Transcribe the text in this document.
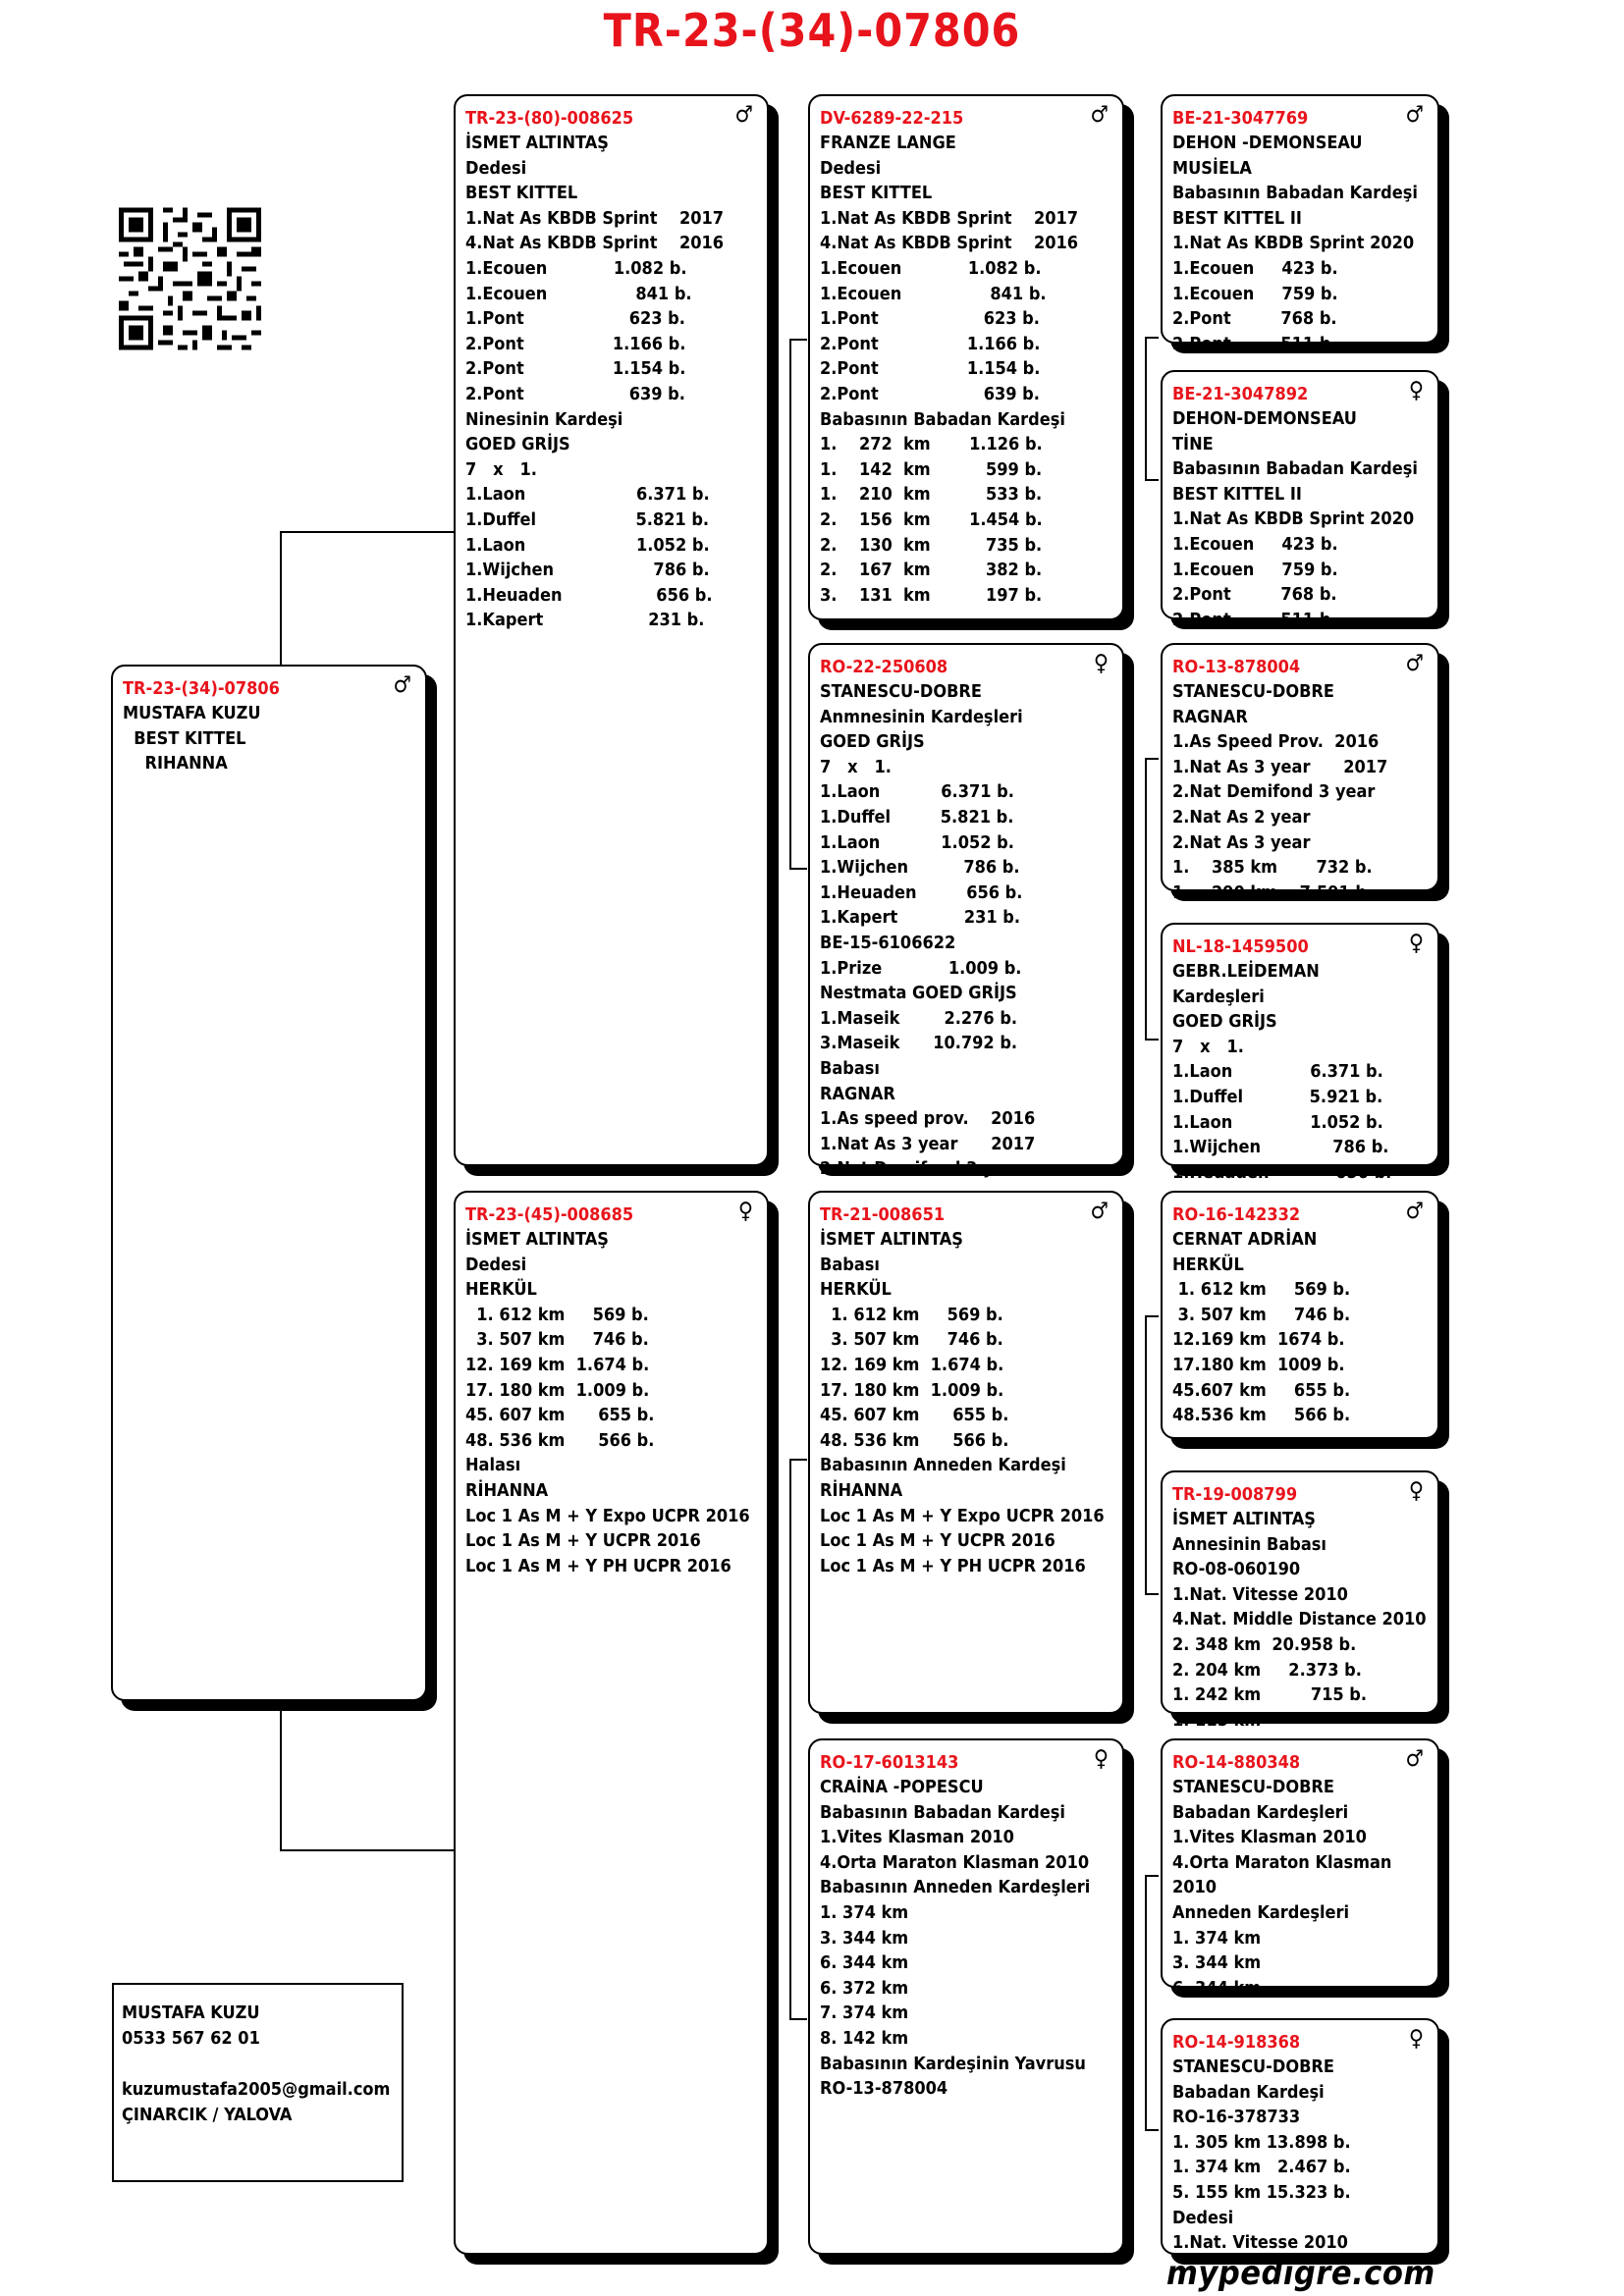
TR-23-(34)-07806
TR-23-(34)-07806	♂
MUSTAFA KUZU
BEST KITTEL
RIHANNA
TR-23-(80)-008625	♂
İSMET ALTINTAŞ
Dedesi
BEST KITTEL
1.Nat As KBDB Sprint    2017
4.Nat As KBDB Sprint    2016
1.Ecouen            1.082 b.
1.Ecouen                841 b.
1.Pont                   623 b.
2.Pont                1.166 b.
2.Pont                1.154 b.
2.Pont                   639 b.
Ninesinin Kardeşi
GOED GRİJS
7   x   1.
1.Laon                    6.371 b.
1.Duffel                  5.821 b.
1.Laon                    1.052 b.
1.Wijchen                  786 b.
1.Heuaden                 656 b.
1.Kapert                   231 b.
TR-23-(45)-008685	♀
İSMET ALTINTAŞ
Dedesi
HERKÜL
1. 612 km     569 b.
3. 507 km     746 b.
12. 169 km  1.674 b.
17. 180 km  1.009 b.
45. 607 km      655 b.
48. 536 km      566 b.
Halası
RİHANNA
Loc 1 As M + Y Expo UCPR 2016
Loc 1 As M + Y UCPR 2016
Loc 1 As M + Y PH UCPR 2016
DV-6289-22-215	♂
FRANZE LANGE
Dedesi
BEST KITTEL
1.Nat As KBDB Sprint    2017
4.Nat As KBDB Sprint    2016
1.Ecouen            1.082 b.
1.Ecouen                841 b.
1.Pont                   623 b.
2.Pont                1.166 b.
2.Pont                1.154 b.
2.Pont                   639 b.
Babasının Babadan Kardeşi
1.    272  km       1.126 b.
1.    142  km          599 b.
1.    210  km          533 b.
2.    156  km       1.454 b.
2.    130  km          735 b.
2.    167  km          382 b.
3.    131  km          197 b.
RO-22-250608	♀
STANESCU-DOBRE
Anmnesinin Kardeşleri
GOED GRİJS
7   x   1.
1.Laon           6.371 b.
1.Duffel         5.821 b.
1.Laon           1.052 b.
1.Wijchen          786 b.
1.Heuaden         656 b.
1.Kapert            231 b.
BE-15-6106622
1.Prize            1.009 b.
Nestmata GOED GRİJS
1.Maseik        2.276 b.
3.Maseik      10.792 b.
Babası
RAGNAR
1.As speed prov.    2016
1.Nat As 3 year      2017
2.Nat Demifond 3 year
TR-21-008651	♂
İSMET ALTINTAŞ
Babası
HERKÜL
1. 612 km     569 b.
3. 507 km     746 b.
12. 169 km  1.674 b.
17. 180 km  1.009 b.
45. 607 km      655 b.
48. 536 km      566 b.
Babasının Anneden Kardeşi
RİHANNA
Loc 1 As M + Y Expo UCPR 2016
Loc 1 As M + Y UCPR 2016
Loc 1 As M + Y PH UCPR 2016
RO-17-6013143	♀
CRAİNA -POPESCU
Babasının Babadan Kardeşi
1.Vites Klasman 2010
4.Orta Maraton Klasman 2010
Babasının Anneden Kardeşleri
1. 374 km
3. 344 km
6. 344 km
6. 372 km
7. 374 km
8. 142 km
Babasının Kardeşinin Yavrusu
RO-13-878004
BE-21-3047769	♂
DEHON -DEMONSEAU
MUSİELA
Babasının Babadan Kardeşi
BEST KITTEL II
1.Nat As KBDB Sprint 2020
1.Ecouen     423 b.
1.Ecouen     759 b.
2.Pont         768 b.
2.Pont         511 b.
BE-21-3047892	♀
DEHON-DEMONSEAU
TİNE
Babasının Babadan Kardeşi
BEST KITTEL II
1.Nat As KBDB Sprint 2020
1.Ecouen     423 b.
1.Ecouen     759 b.
2.Pont         768 b.
2.Pont         511 b.
RO-13-878004	♂
STANESCU-DOBRE
RAGNAR
1.As Speed Prov.  2016
1.Nat As 3 year      2017
2.Nat Demifond 3 year
2.Nat As 2 year
2.Nat As 3 year
1.    385 km       732 b.
1.    290 km    7.591 b.
NL-18-1459500	♀
GEBR.LEİDEMAN
Kardeşleri
GOED GRİJS
7   x   1.
1.Laon              6.371 b.
1.Duffel            5.921 b.
1.Laon              1.052 b.
1.Wijchen             786 b.
1.Heuaden            656 b.
RO-16-142332	♂
CERNAT ADRİAN
HERKÜL
1. 612 km     569 b.
3. 507 km     746 b.
12.169 km  1674 b.
17.180 km  1009 b.
45.607 km     655 b.
48.536 km     566 b.
TR-19-008799	♀
İSMET ALTINTAŞ
Annesinin Babası
RO-08-060190
1.Nat. Vitesse 2010
4.Nat. Middle Distance 2010
2. 348 km  20.958 b.
2. 204 km     2.373 b.
1. 242 km         715 b.
1. 115 km
RO-14-880348	♂
STANESCU-DOBRE
Babadan Kardeşleri
1.Vites Klasman 2010
4.Orta Maraton Klasman
2010
Anneden Kardeşleri
1. 374 km
3. 344 km
6. 344 km
RO-14-918368	♀
STANESCU-DOBRE
Babadan Kardeşi
RO-16-378733
1. 305 km 13.898 b.
1. 374 km   2.467 b.
5. 155 km 15.323 b.
Dedesi
1.Nat. Vitesse 2010
MUSTAFA KUZU
0533 567 62 01
kuzumustafa2005@gmail.com
ÇINARCIK / YALOVA
mypedigre.com
